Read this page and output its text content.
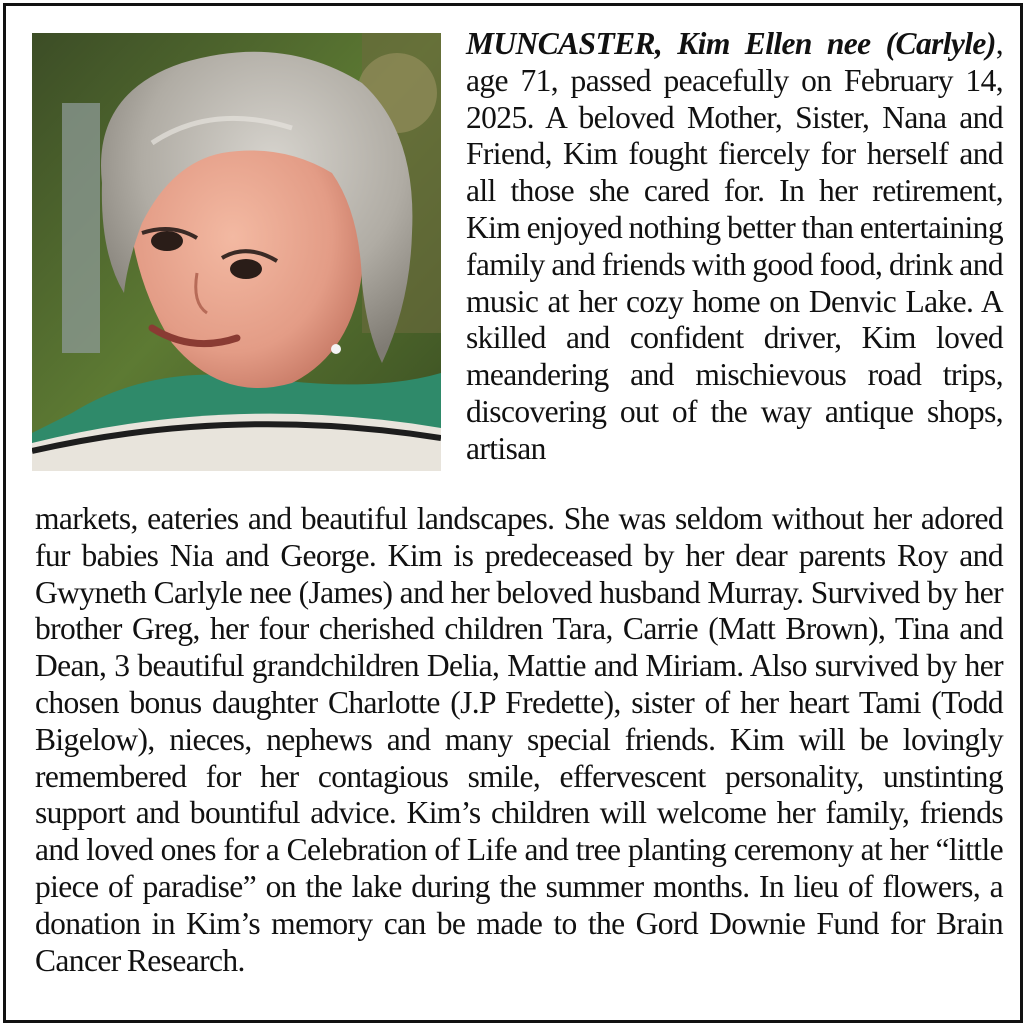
MUNCASTER, Kim Ellen nee (Carlyle), age 71, passed peacefully on February 14, 2025. A beloved Mother, Sister, Nana and Friend, Kim fought fiercely for herself and all those she cared for. In her retirement, Kim enjoyed nothing better than entertaining family and friends with good food, drink and music at her cozy home on Denvic Lake. A skilled and confident driver, Kim loved meandering and mischievous road trips, discovering out of the way antique shops, artisan
markets, eateries and beautiful landscapes. She was seldom without her adored fur babies Nia and George. Kim is predeceased by her dear parents Roy and Gwyneth Carlyle nee (James) and her beloved husband Murray. Survived by her brother Greg, her four cherished children Tara, Carrie (Matt Brown), Tina and Dean, 3 beautiful grandchildren Delia, Mattie and Miriam. Also survived by her chosen bonus daughter Charlotte (J.P Fredette), sister of her heart Tami (Todd Bigelow), nieces, nephews and many special friends. Kim will be lovingly remembered for her contagious smile, effervescent personality, unstinting support and bountiful advice. Kim’s children will welcome her family, friends and loved ones for a Celebration of Life and tree planting ceremony at her “little piece of paradise” on the lake during the summer months. In lieu of flowers, a donation in Kim’s memory can be made to the Gord Downie Fund for Brain Cancer Research.
